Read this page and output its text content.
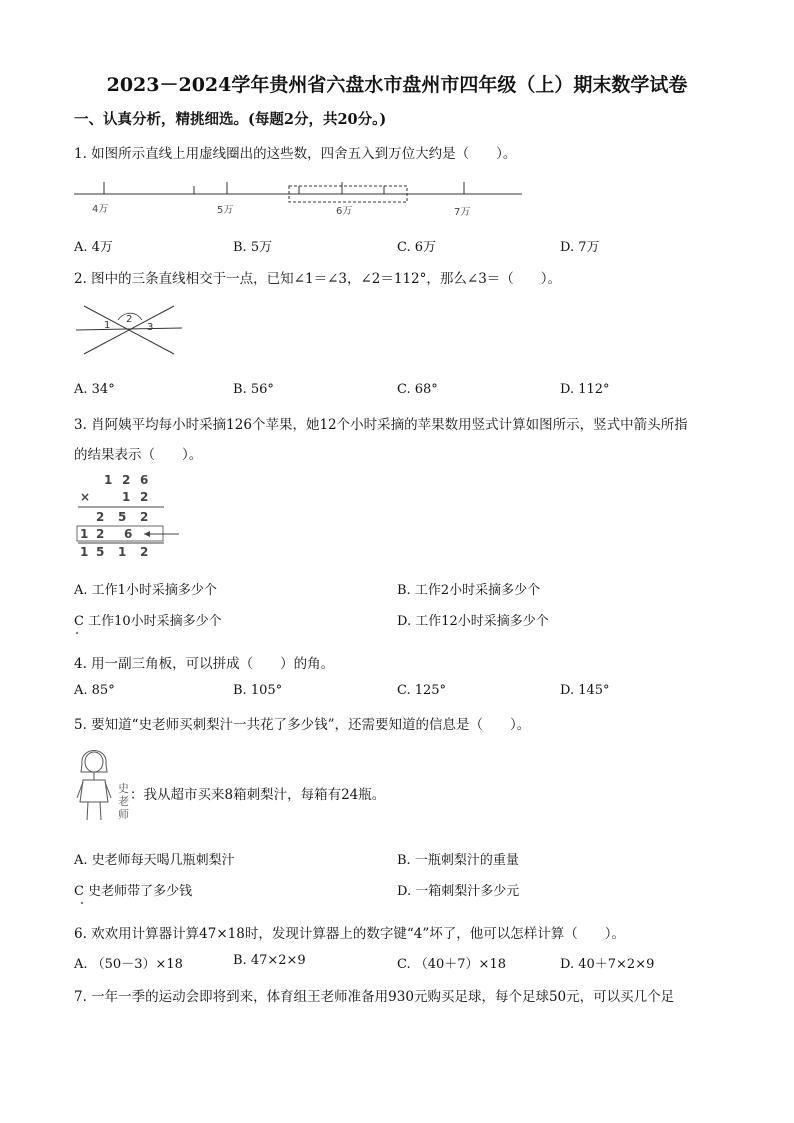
2023－2024学年贵州省六盘水市盘州市四年级（上）期末数学试卷
一、认真分析，精挑细选。(每题2分，共20分。)
1. 如图所示直线上用虚线圈出的这些数，四舍五入到万位大约是（　　）。
4万	5万	6万	7万
A. 4万	B. 5万	C. 6万	D. 7万
2. 图中的三条直线相交于一点，已知∠1＝∠3，∠2＝112°，那么∠3＝（　　）。
1
2
3
A. 34°	B. 56°	C. 68°	D. 112°
3. 肖阿姨平均每小时采摘126个苹果，她12个小时采摘的苹果数用竖式计算如图所示，竖式中箭头所指
的结果表示（　　）。
1 2 6
×	1 2
2 5 2
1 2 6
1 5 1 2
A. 工作1小时采摘多少个	B. 工作2小时采摘多少个
C 工作10小时采摘多少个	D. 工作12小时采摘多少个
4. 用一副三角板，可以拼成（　　）的角。
A. 85°	B. 105°	C. 125°	D. 145°
5. 要知道“史老师买刺梨汁一共花了多少钱”，还需要知道的信息是（　　）。
史老师
：我从超市买来8箱刺梨汁，每箱有24瓶。
A. 史老师每天喝几瓶刺梨汁	B. 一瓶刺梨汁的重量
C 史老师带了多少钱	D. 一箱刺梨汁多少元
6. 欢欢用计算器计算47×18时，发现计算器上的数字键“4”坏了，他可以怎样计算（　　）。
A. （50－3）×18	B. 47×2×9	C. （40＋7）×18	D. 40＋7×2×9
7. 一年一季的运动会即将到来，体育组王老师准备用930元购买足球，每个足球50元，可以买几个足
